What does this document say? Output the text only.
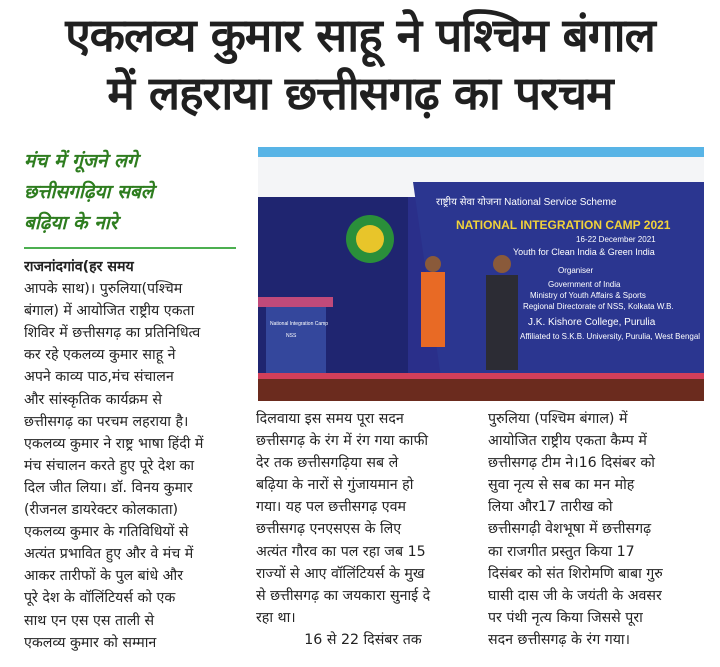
एकलव्य कुमार साहू ने पश्चिम बंगाल
में लहराया छत्तीसगढ़ का परचम
मंच में गूंजने लगे
छत्तीसगढ़िया सबले
बढ़िया के नारे
राष्ट्रीय सेवा योजना National Service Scheme
NATIONAL INTEGRATION CAMP 2021
16-22 December 2021
Youth for Clean India & Green India
Organiser
Government of India
Ministry of Youth Affairs & Sports
Regional Directorate of NSS, Kolkata W.B.
J.K. Kishore College, Purulia
Affiliated to S.K.B. University, Purulia, West Bengal
National Integration Camp
NSS
राजनांदगांव(हर समय
आपके साथ)। पुरुलिया(पश्चिम
बंगाल) में आयोजित राष्ट्रीय एकता
शिविर में छत्तीसगढ़ का प्रतिनिधित्व
कर रहे एकलव्य कुमार साहू ने
अपने काव्य पाठ,मंच संचालन
और सांस्कृतिक कार्यक्रम से
छत्तीसगढ़ का परचम लहराया है।
एकलव्य कुमार ने राष्ट्र भाषा हिंदी में
मंच संचालन करते हुए पूरे देश का
दिल जीत लिया। डॉ. विनय कुमार
(रीजनल डायरेक्टर कोलकाता)
एकलव्य कुमार के गतिविधियों से
अत्यंत प्रभावित हुए और वे मंच में
आकर तारीफों के पुल बांधे और
पूरे देश के वॉलिंटियर्स को एक
साथ एन एस एस ताली से
एकलव्य कुमार को सम्मान
दिलवाया इस समय पूरा सदन
छत्तीसगढ़ के रंग में रंग गया काफी
देर तक छत्तीसगढ़िया सब ले
बढ़िया के नारों से गुंजायमान हो
गया। यह पल छत्तीसगढ़ एवम
छत्तीसगढ़ एनएसएस के लिए
अत्यंत गौरव का पल रहा जब 15
राज्यों से आए वॉलिंटियर्स के मुख
से छत्तीसगढ़ का जयकारा सुनाई दे
रहा था।
16 से 22 दिसंबर तक
पुरुलिया (पश्चिम बंगाल) में
आयोजित राष्ट्रीय एकता कैम्प में
छत्तीसगढ़ टीम ने।16 दिसंबर को
सुवा नृत्य से सब का मन मोह
लिया और17 तारीख को
छत्तीसगढ़ी वेशभूषा में छत्तीसगढ़
का राजगीत प्रस्तुत किया 17
दिसंबर को संत शिरोमणि बाबा गुरु
घासी दास जी के जयंती के अवसर
पर पंथी नृत्य किया जिससे पूरा
सदन छत्तीसगढ़ के रंग गया।
